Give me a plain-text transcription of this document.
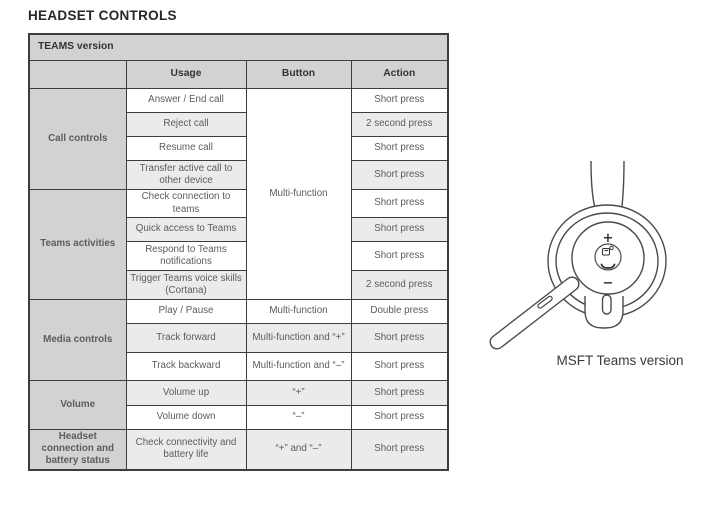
HEADSET CONTROLS
TEAMS version			
	Usage	Button	Action
Call controls	Answer / End call	Multi-function	Short press
	Reject call		2 second press
	Resume call		Short press
	Transfer active call to other device		Short press
Teams activities	Check connection to teams		Short press
	Quick access to Teams		Short press
	Respond to Teams notifications		Short press
	Trigger Teams voice skills (Cortana)		2 second press
Media controls	Play / Pause	Multi-function	Double press
	Track forward	Multi-function and “+”	Short press
	Track backward	Multi-function and “–”	Short press
Volume	Volume up	“+”	Short press
	Volume down	“–”	Short press
Headset connection and battery status	Check connectivity and battery life	“+” and “–”	Short press
+
−
MSFT Teams version
